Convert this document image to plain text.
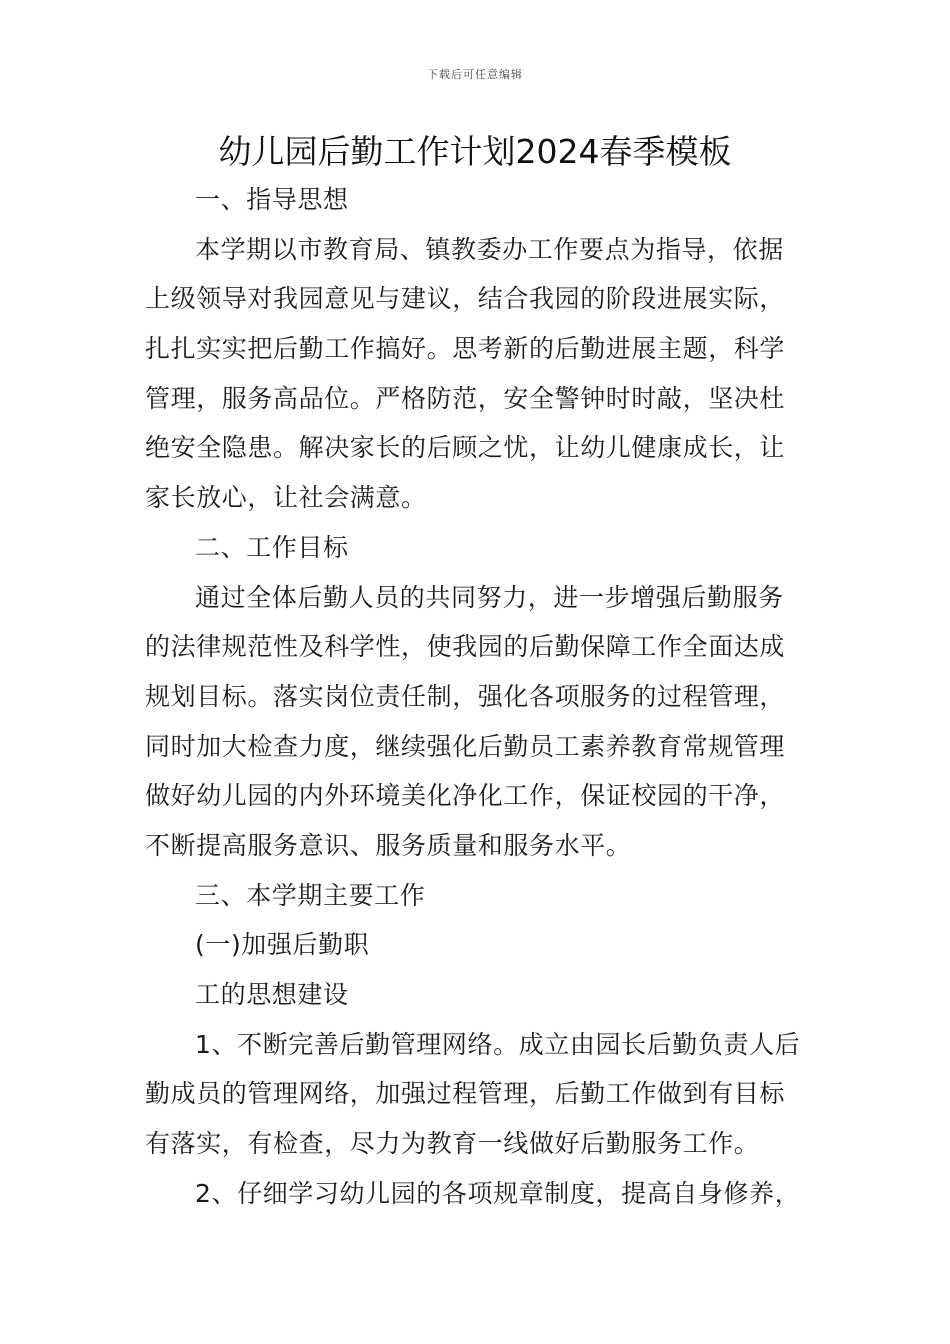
下载后可任意编辑
幼儿园后勤工作计划2024春季模板
一、指导思想
本学期以市教育局、镇教委办工作要点为指导，依据
上级领导对我园意见与建议，结合我园的阶段进展实际，
扎扎实实把后勤工作搞好。思考新的后勤进展主题，科学
管理，服务高品位。严格防范，安全警钟时时敲，坚决杜
绝安全隐患。解决家长的后顾之忧，让幼儿健康成长，让
家长放心，让社会满意。
二、工作目标
通过全体后勤人员的共同努力，进一步增强后勤服务
的法律规范性及科学性，使我园的后勤保障工作全面达成
规划目标。落实岗位责任制，强化各项服务的过程管理，
同时加大检查力度，继续强化后勤员工素养教育常规管理
做好幼儿园的内外环境美化净化工作，保证校园的干净，
不断提高服务意识、服务质量和服务水平。
三、本学期主要工作
(一)加强后勤职
工的思想建设
1、不断完善后勤管理网络。成立由园长后勤负责人后
勤成员的管理网络，加强过程管理，后勤工作做到有目标
有落实，有检查，尽力为教育一线做好后勤服务工作。
2、仔细学习幼儿园的各项规章制度，提高自身修养，
